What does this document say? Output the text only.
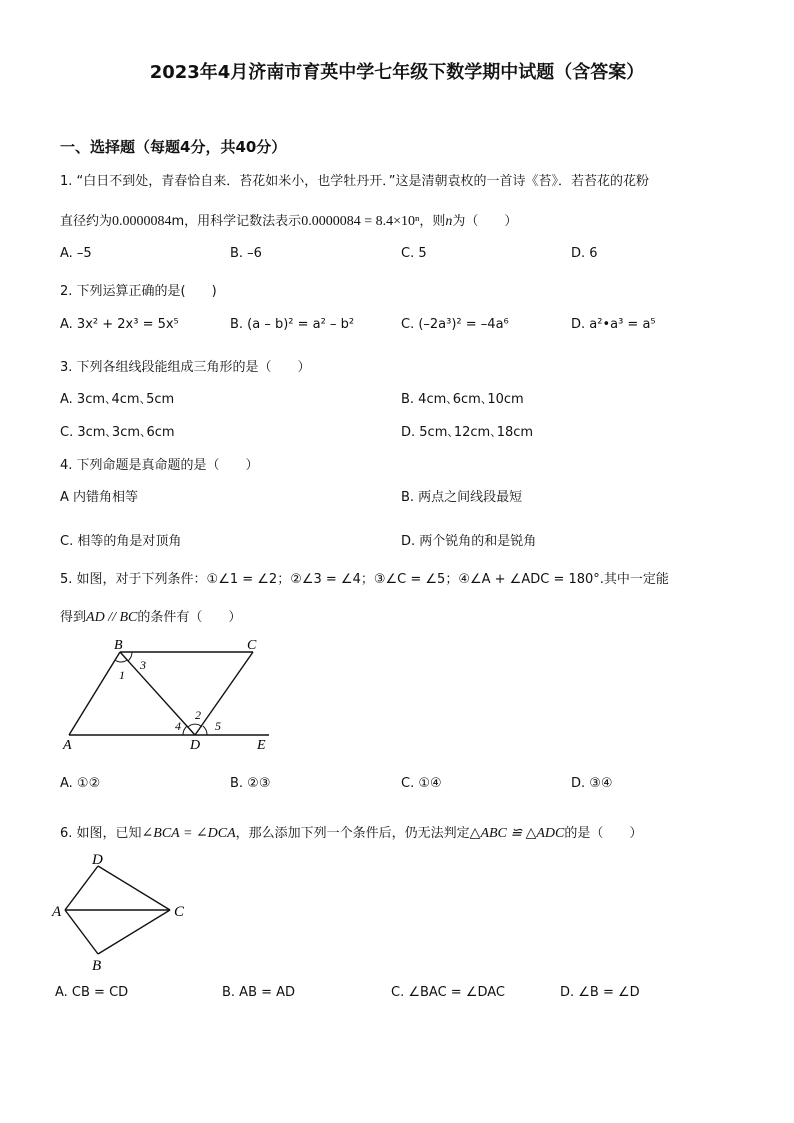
2023年4月济南市育英中学七年级下数学期中试题（含答案）
一、选择题（每题4分，共40分）
1. “白日不到处，青春恰自来．苔花如米小，也学牡丹开．”这是清朝袁枚的一首诗《苔》．若苔花的花粉
直径约为0.0000084m，用科学记数法表示0.0000084 = 8.4×10ⁿ，则n为（　　）
A. –5	B. –6	C. 5	D. 6
2. 下列运算正确的是(　　)
A. 3x² + 2x³ = 5x⁵	B. (a – b)² = a² – b²	C. (–2a³)² = –4a⁶	D. a²•a³ = a⁵
3. 下列各组线段能组成三角形的是（　　）
A. 3cm､4cm､5cm	B. 4cm､6cm､10cm
C. 3cm､3cm､6cm	D. 5cm､12cm､18cm
4. 下列命题是真命题的是（　　）
A 内错角相等	B. 两点之间线段最短
C. 相等的角是对顶角	D. 两个锐角的和是锐角
5. 如图，对于下列条件：①∠1 = ∠2；②∠3 = ∠4；③∠C = ∠5；④∠A + ∠ADC = 180°.其中一定能
得到AD // BC的条件有（　　）
B	C
A	D	E
1
2
3
4	5
A. ①②	B. ②③	C. ①④	D. ③④
6. 如图，已知∠BCA = ∠DCA，那么添加下列一个条件后，仍无法判定△ABC ≌ △ADC的是（　　）
D
A	C
B
A. CB = CD	B. AB = AD	C. ∠BAC = ∠DAC	D. ∠B = ∠D
